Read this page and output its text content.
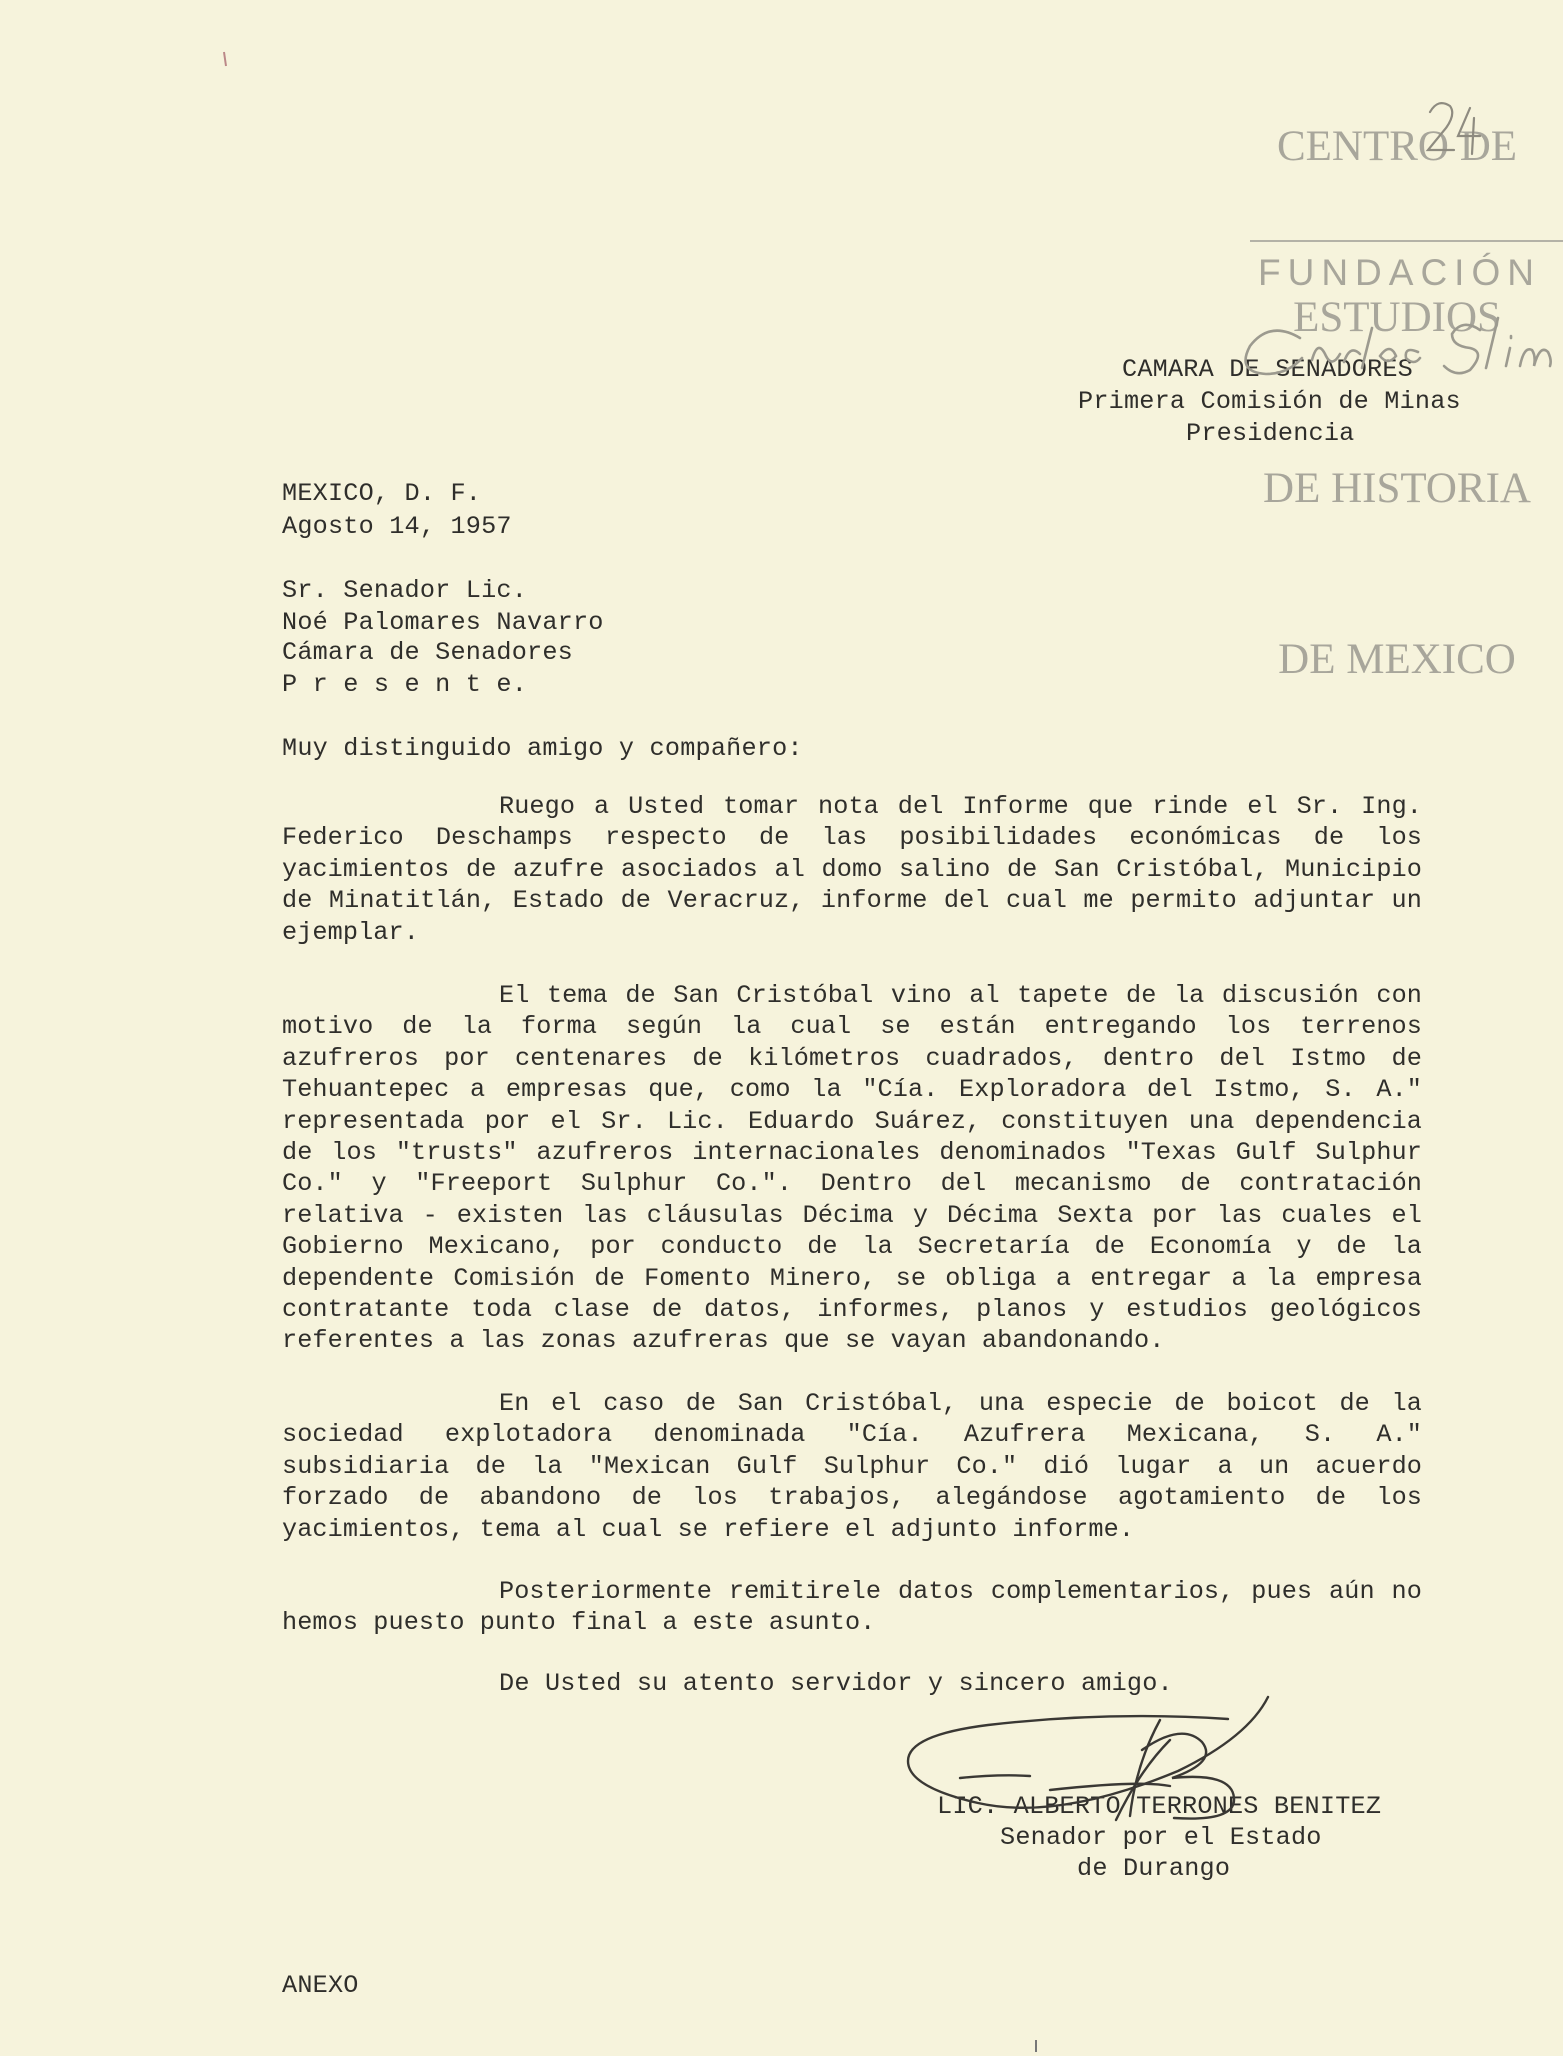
CENTRO DE

ESTUDIOS

DE HISTORIA

DE MEXICO

FUNDACIÓN
CAMARA DE SENADORES
Primera Comisión de Minas
Presidencia
MEXICO, D. F.
Agosto 14, 1957
Sr. Senador Lic.
Noé Palomares Navarro
Cámara de Senadores
P r e s e n t e.
Muy distinguido amigo y compañero:
Ruego a Usted tomar nota del Informe que rinde el Sr. Ing. Federico Deschamps respecto de las posibilidades económicas de los yacimientos de azufre asociados al domo salino de San Cristóbal, Municipio de Minatitlán, Estado de Veracruz, informe del cual me permito adjuntar un ejemplar.
El tema de San Cristóbal vino al tapete de la discusión con motivo de la forma según la cual se están entregando los terrenos azufreros por centenares de kilómetros cuadrados, dentro del Istmo de Tehuantepec a empresas que, como la "Cía. Exploradora del Istmo, S. A." representada por el Sr. Lic. Eduardo Suárez, constituyen una dependencia de los "trusts" azufreros internacionales denominados "Texas Gulf Sulphur Co." y "Freeport Sulphur Co.". Dentro del mecanismo de contratación relativa - existen las cláusulas Décima y Décima Sexta por las cuales el Gobierno Mexicano, por conducto de la Secretaría de Economía y de la dependente Comisión de Fomento Minero, se obliga a entregar a la empresa contratante toda clase de datos, informes, planos y estudios geológicos referentes a las zonas azufreras que se vayan abandonando.
En el caso de San Cristóbal, una especie de boicot de la sociedad explotadora denominada "Cía. Azufrera Mexicana, S. A." subsidiaria de la "Mexican Gulf Sulphur Co." dió lugar a un acuerdo forzado de abandono de los trabajos, alegándose agotamiento de los yacimientos, tema al cual se refiere el adjunto informe.
Posteriormente remitirele datos complementarios, pues aún no hemos puesto punto final a este asunto.
De Usted su atento servidor y sincero amigo.
LIC. ALBERTO TERRONES BENITEZ
Senador por el Estado
de Durango
ANEXO
